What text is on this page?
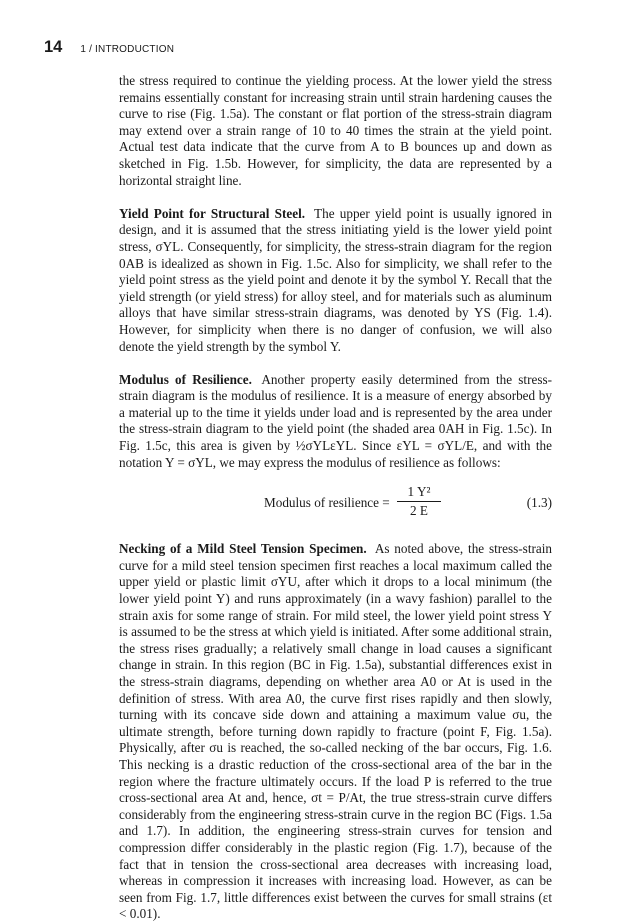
14 1 / INTRODUCTION

the stress required to continue the yielding process. At the lower yield the stress remains essentially constant for increasing strain until strain hardening causes the curve to rise (Fig. 1.5a). The constant or flat portion of the stress-strain diagram may extend over a strain range of 10 to 40 times the strain at the yield point. Actual test data indicate that the curve from A to B bounces up and down as sketched in Fig. 1.5b. However, for simplicity, the data are represented by a horizontal straight line.

Yield Point for Structural Steel. The upper yield point is usually ignored in design, and it is assumed that the stress initiating yield is the lower yield point stress, σYL. Consequently, for simplicity, the stress-strain diagram for the region 0AB is idealized as shown in Fig. 1.5c. Also for simplicity, we shall refer to the yield point stress as the yield point and denote it by the symbol Y. Recall that the yield strength (or yield stress) for alloy steel, and for materials such as aluminum alloys that have similar stress-strain diagrams, was denoted by YS (Fig. 1.4). However, for simplicity when there is no danger of confusion, we will also denote the yield strength by the symbol Y.

Modulus of Resilience. Another property easily determined from the stress-strain diagram is the modulus of resilience. It is a measure of energy absorbed by a material up to the time it yields under load and is represented by the area under the stress-strain diagram to the yield point (the shaded area 0AH in Fig. 1.5c). In Fig. 1.5c, this area is given by ½σYLεYL. Since εYL = σYL/E, and with the notation Y = σYL, we may express the modulus of resilience as follows:

Modulus of resilience =
1 Y²
2 E
(1.3)

Necking of a Mild Steel Tension Specimen. As noted above, the stress-strain curve for a mild steel tension specimen first reaches a local maximum called the upper yield or plastic limit σYU, after which it drops to a local minimum (the lower yield point Y) and runs approximately (in a wavy fashion) parallel to the strain axis for some range of strain. For mild steel, the lower yield point stress Y is assumed to be the stress at which yield is initiated. After some additional strain, the stress rises gradually; a relatively small change in load causes a significant change in strain. In this region (BC in Fig. 1.5a), substantial differences exist in the stress-strain diagrams, depending on whether area A0 or At is used in the definition of stress. With area A0, the curve first rises rapidly and then slowly, turning with its concave side down and attaining a maximum value σu, the ultimate strength, before turning down rapidly to fracture (point F, Fig. 1.5a). Physically, after σu is reached, the so-called necking of the bar occurs, Fig. 1.6. This necking is a drastic reduction of the cross-sectional area of the bar in the region where the fracture ultimately occurs. If the load P is referred to the true cross-sectional area At and, hence, σt = P/At, the true stress-strain curve differs considerably from the engineering stress-strain curve in the region BC (Figs. 1.5a and 1.7). In addition, the engineering stress-strain curves for tension and compression differ considerably in the plastic region (Fig. 1.7), because of the fact that in tension the cross-sectional area decreases with increasing load, whereas in compression it increases with increasing load. However, as can be seen from Fig. 1.7, little differences exist between the curves for small strains (εt < 0.01).
